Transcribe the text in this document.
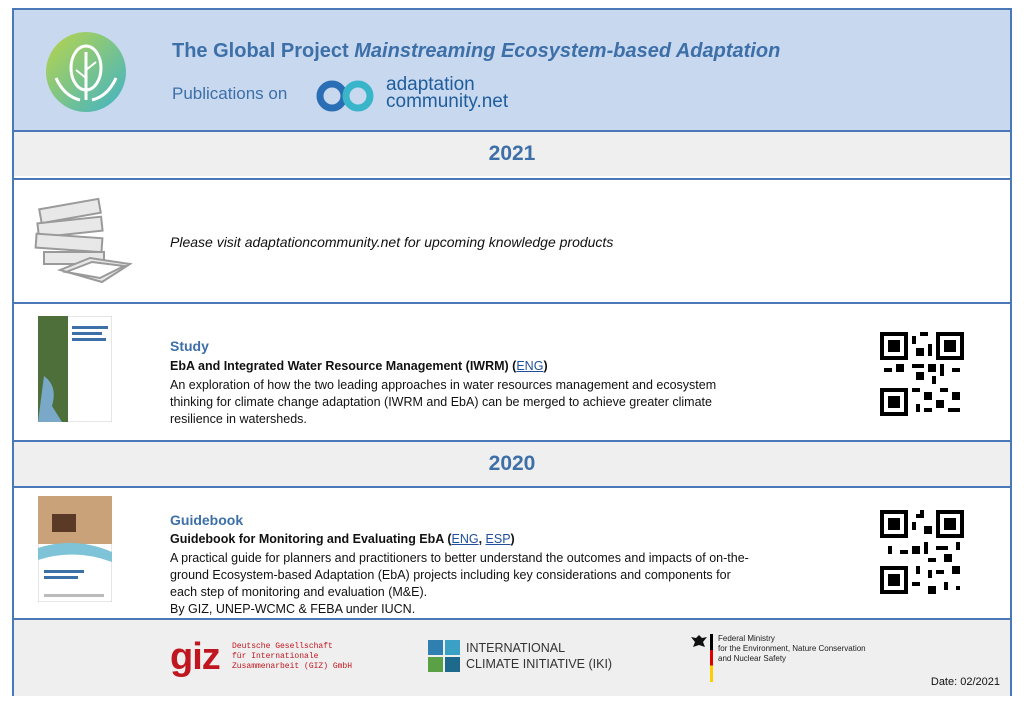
The Global Project Mainstreaming Ecosystem-based Adaptation
Publications on	adaptation
community.net
2021
Please visit adaptationcommunity.net for upcoming knowledge products
Study
EbA and Integrated Water Resource Management (IWRM) (ENG)
An exploration of how the two leading approaches in water resources management and ecosystem thinking for climate change adaptation (IWRM and EbA) can be merged to achieve greater climate resilience in watersheds.
2020
Guidebook
Guidebook for Monitoring and Evaluating EbA (ENG, ESP)
A practical guide for planners and practitioners to better understand the outcomes and impacts of on-the-ground Ecosystem-based Adaptation (EbA) projects including key considerations and components for each step of monitoring and evaluation (M&E).
By GIZ, UNEP-WCMC & FEBA under IUCN.
giz Deutsche Gesellschaft
für Internationale
Zusammenarbeit (GIZ) GmbH
INTERNATIONAL
CLIMATE INITIATIVE (IKI)
Federal Ministry
for the Environment, Nature Conservation
and Nuclear Safety
Date: 02/2021
